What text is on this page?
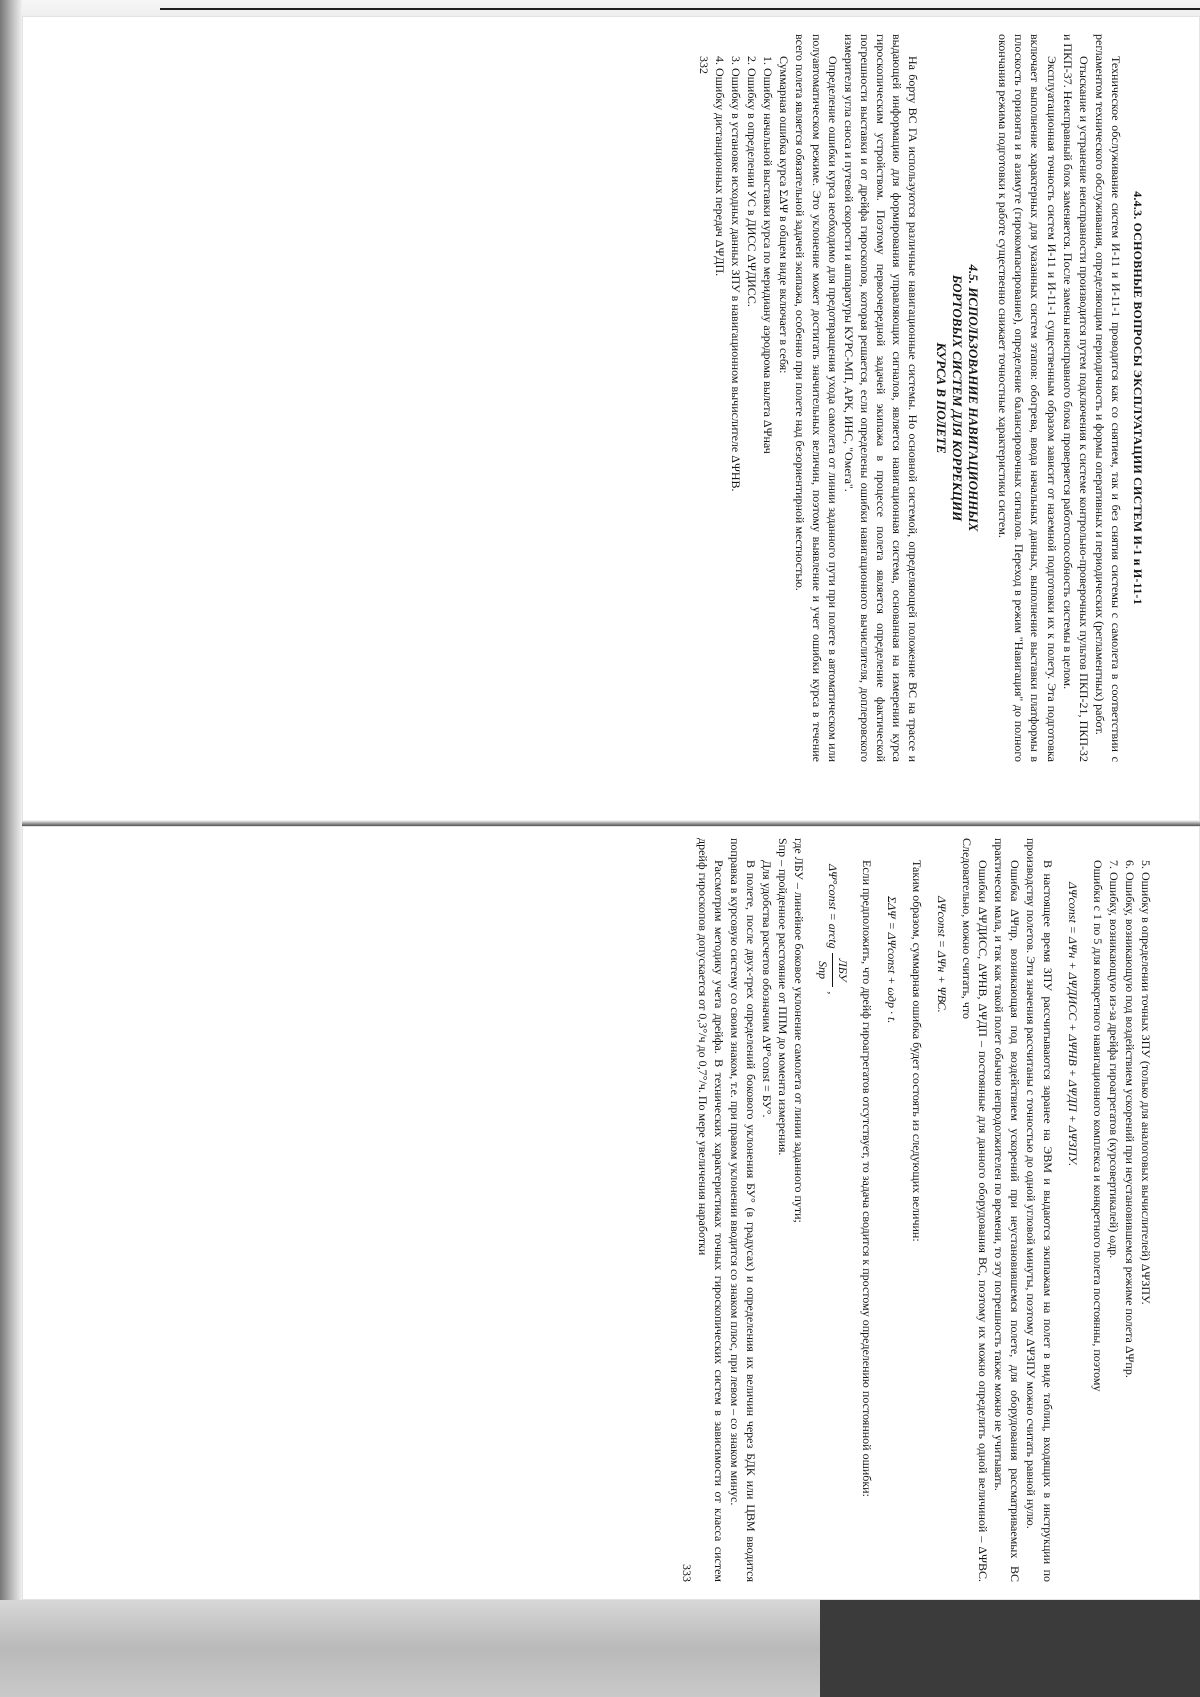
4.4.3. ОСНОВНЫЕ ВОПРОСЫ ЭКСПЛУАТАЦИИ СИСТЕМ И-1 и И-11-1

Техническое обслуживание систем И-11 и И-11-1 проводится как со снятием, так и без снятия системы с самолета в соответствии с регламентом технического обслуживания, определяющим периодичность и формы оперативных и периодических (регламентных) работ.

Отыскание и устранение неисправности производится путем подключения к системе контрольно-проверочных пультов ПКП-21, ПКП-32 и ПКП-37. Неисправный блок заменяется. После замены неисправного блока проверяется работоспособность системы в целом.

Эксплуатационная точность систем И-11 и И-11-1 существенным образом зависит от наземной подготовки их к полету. Эта подготовка включает выполнение характерных для указанных систем этапов: обогрева, ввода начальных данных, выполнение выставки платформы в плоскость горизонта и в азимуте (гирокомпасирование), определение балансировочных сигналов. Переход в режим "Навигация" до полного окончания режима подготовки к работе существенно снижает точностные характеристики систем.

4.5. ИСПОЛЬЗОВАНИЕ НАВИГАЦИОННЫХ
БОРТОВЫХ СИСТЕМ ДЛЯ КОРРЕКЦИИ
КУРСА В ПОЛЕТЕ

На борту ВС ГА используются различные навигационные системы. Но основной системой, определяющей положение ВС на трассе и выдающей информацию для формирования управляющих сигналов, является навигационная система, основанная на измерении курса гироскопическим устройством. Поэтому первоочередной задачей экипажа в процессе полета является определение фактической погрешности выставки и от дрейфа гироскопов, которая решается, если определены ошибки навигационного вычислителя, доплеровского измерителя угла сноса и путевой скорости и аппаратуры КУРС-МП, АРК, ИНС, "Омега".

Определение ошибки курса необходимо для предотвращения ухода самолета от линии заданного пути при полете в автоматическом или полуавтоматическом режиме. Это уклонение может достигать значительных величин, поэтому выявление и учет ошибки курса в течение всего полета является обязательной задачей экипажа, особенно при полете над безориентирной местностью.

Суммарная ошибка курса ΣΔΨ в общем виде включает в себя:

1. Ошибку начальной выставки курса по меридиану аэродрома вылета ΔΨнач

2. Ошибку в определении УС в ДИСС ΔΨДИСС.

3. Ошибку в установке исходных данных ЗПУ в навигационном вычислителе ΔΨНВ.

4. Ошибку дистанционных передач ΔΨДП.

332

5. Ошибку в определении точных ЗПУ (только для аналоговых вычислителей) ΔΨЗПУ.

6. Ошибку, возникающую под воздействием ускорений при неустановившемся режиме полета ΔΨпр.

7. Ошибку, возникающую из-за дрейфа гироагрегатов (курсовертикалей) ωдр.

Ошибки с 1 по 5 для конкретного навигационного комплекса и конкретного полета постоянны, поэтому

ΔΨconst = ΔΨн + ΔΨДИСС + ΔΨНВ + ΔΨДП + ΔΨЗПУ.

В настоящее время ЗПУ рассчитываются заранее на ЭВМ и выдаются экипажам на полет в виде таблиц, входящих в инструкции по производству полетов. Эти значения рассчитаны с точностью до одной угловой минуты, поэтому ΔΨЗПУ можно считать равной нулю.

Ошибка ΔΨпр, возникающая под воздействием ускорений при неустановившемся полете, для оборудования рассматриваемых ВС практически мала, и так как такой полет обычно непродолжителен по времени, то эту погрешность также можно не учитывать.

Ошибки ΔΨДИСС, ΔΨНВ, ΔΨДП – постоянные для данного оборудования ВС, поэтому их можно определить одной величиной – ΔΨВС. Следовательно, можно считать, что

ΔΨconst = ΔΨн + ΨВС.

Таким образом, суммарная ошибка будет состоять из следующих величин:

ΣΔΨ = ΔΨconst + ωдр · t.

Если предположить, что дрейф гироагрегатов отсутствует, то задача сводится к простому определению постоянной ошибки:

ΔΨ°const = arctg
ЛБУ
Sпр
,

где ЛБУ – линейное боковое уклонение самолета от линии заданного пути;

Sпр – пройденное расстояние от ППМ до момента измерения.

Для удобства расчетов обозначим ΔΨ°const = БУ°.

В полете, после двух-трех определений бокового уклонения БУ° (в градусах) и определения их величин через БДК или ЦВМ вводится поправка в курсовую систему со своим знаком, т.е. при правом уклонении вводится со знаком плюс, при левом – со знаком минус.

Рассмотрим методику учета дрейфа. В технических характеристиках точных гироскопических систем в зависимости от класса систем дрейф гироскопов допускается от 0,3°/ч до 0,7°/ч. По мере увеличения наработки

333
